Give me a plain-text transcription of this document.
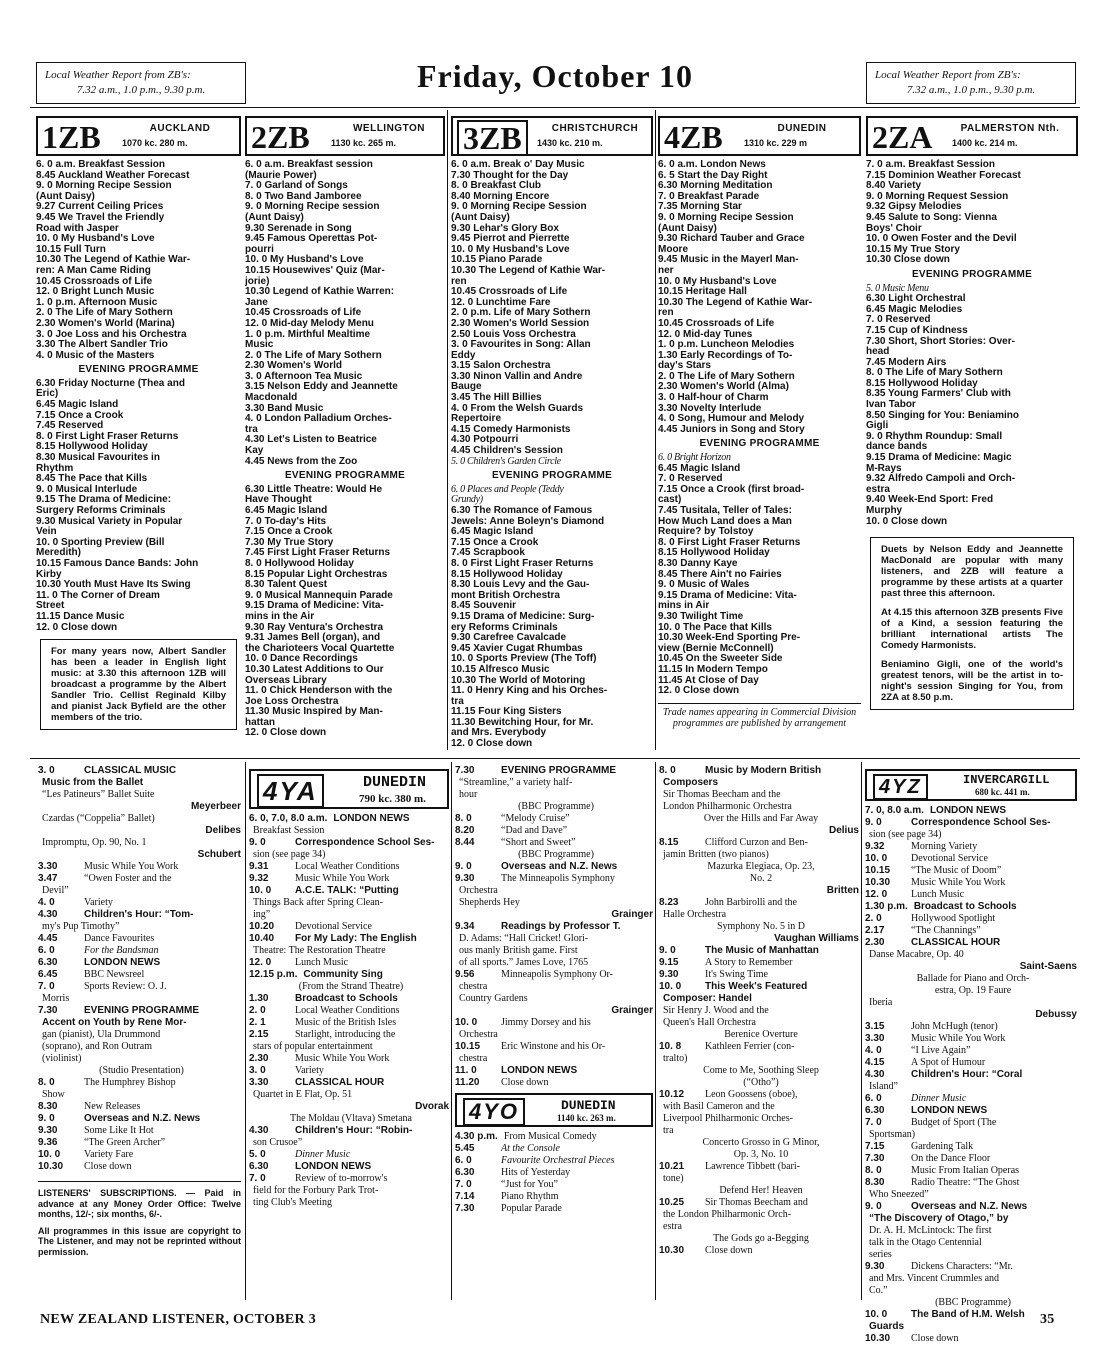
Local Weather Report from ZB's:
7.32 a.m., 1.0 p.m., 9.30 p.m.	Friday, October 10	Local Weather Report from ZB's:
7.32 a.m., 1.0 p.m., 9.30 p.m.
1ZB	AUCKLAND
1070 kc. 280 m.
6. 0 a.m. Breakfast Session
8.45 Auckland Weather Forecast
9. 0 Morning Recipe Session
(Aunt Daisy)
9.27 Current Ceiling Prices
9.45 We Travel the Friendly
Road with Jasper
10. 0 My Husband's Love
10.15 Full Turn
10.30 The Legend of Kathie War-
ren: A Man Came Riding
10.45 Crossroads of Life
12. 0 Bright Lunch Music
1. 0 p.m. Afternoon Music
2. 0 The Life of Mary Sothern
2.30 Women's World (Marina)
3. 0 Joe Loss and his Orchestra
3.30 The Albert Sandler Trio
4. 0 Music of the Masters
EVENING PROGRAMME
6.30 Friday Nocturne (Thea and
Eric)
6.45 Magic Island
7.15 Once a Crook
7.45 Reserved
8. 0 First Light Fraser Returns
8.15 Hollywood Holiday
8.30 Musical Favourites in
Rhythm
8.45 The Pace that Kills
9. 0 Musical Interlude
9.15 The Drama of Medicine:
Surgery Reforms Criminals
9.30 Musical Variety in Popular
Vein
10. 0 Sporting Preview (Bill
Meredith)
10.15 Famous Dance Bands: John
Kirby
10.30 Youth Must Have Its Swing
11. 0 The Corner of Dream
Street
11.15 Dance Music
12. 0 Close down
For many years now, Albert Sandler has been a leader in English light music: at 3.30 this afternoon 1ZB will broadcast a programme by the Albert Sandler Trio. Cellist Reginald Kilby and pianist Jack Byfield are the other members of the trio.
2ZB	WELLINGTON
1130 kc. 265 m.
6. 0 a.m. Breakfast session
(Maurie Power)
7. 0 Garland of Songs
8. 0 Two Band Jamboree
9. 0 Morning Recipe session
(Aunt Daisy)
9.30 Serenade in Song
9.45 Famous Operettas Pot-
pourri
10. 0 My Husband's Love
10.15 Housewives' Quiz (Mar-
jorie)
10.30 Legend of Kathie Warren:
Jane
10.45 Crossroads of Life
12. 0 Mid-day Melody Menu
1. 0 p.m. Mirthful Mealtime
Music
2. 0 The Life of Mary Sothern
2.30 Women's World
3. 0 Afternoon Tea Music
3.15 Nelson Eddy and Jeannette
Macdonald
3.30 Band Music
4. 0 London Palladium Orches-
tra
4.30 Let's Listen to Beatrice
Kay
4.45 News from the Zoo
EVENING PROGRAMME
6.30 Little Theatre: Would He
Have Thought
6.45 Magic Island
7. 0 To-day's Hits
7.15 Once a Crook
7.30 My True Story
7.45 First Light Fraser Returns
8. 0 Hollywood Holiday
8.15 Popular Light Orchestras
8.30 Talent Quest
9. 0 Musical Mannequin Parade
9.15 Drama of Medicine: Vita-
mins in the Air
9.30 Ray Ventura's Orchestra
9.31 James Bell (organ), and
the Charioteers Vocal Quartette
10. 0 Dance Recordings
10.30 Latest Additions to Our
Overseas Library
11. 0 Chick Henderson with the
Joe Loss Orchestra
11.30 Music Inspired by Man-
hattan
12. 0 Close down
3ZB	CHRISTCHURCH
1430 kc. 210 m.
6. 0 a.m. Break o' Day Music
7.30 Thought for the Day
8. 0 Breakfast Club
8.40 Morning Encore
9. 0 Morning Recipe Session
(Aunt Daisy)
9.30 Lehar's Glory Box
9.45 Pierrot and Pierrette
10. 0 My Husband's Love
10.15 Piano Parade
10.30 The Legend of Kathie War-
ren
10.45 Crossroads of Life
12. 0 Lunchtime Fare
2. 0 p.m. Life of Mary Sothern
2.30 Women's World Session
2.50 Louis Voss Orchestra
3. 0 Favourites in Song: Allan
Eddy
3.15 Salon Orchestra
3.30 Ninon Vallin and Andre
Bauge
3.45 The Hill Billies
4. 0 From the Welsh Guards
Repertoire
4.15 Comedy Harmonists
4.30 Potpourri
4.45 Children's Session
5. 0 Children's Garden Circle
EVENING PROGRAMME
6. 0 Places and People (Teddy
Grundy)
6.30 The Romance of Famous
Jewels: Anne Boleyn's Diamond
6.45 Magic Island
7.15 Once a Crook
7.45 Scrapbook
8. 0 First Light Fraser Returns
8.15 Hollywood Holiday
8.30 Louis Levy and the Gau-
mont British Orchestra
8.45 Souvenir
9.15 Drama of Medicine: Surg-
ery Reforms Criminals
9.30 Carefree Cavalcade
9.45 Xavier Cugat Rhumbas
10. 0 Sports Preview (The Toff)
10.15 Alfresco Music
10.30 The World of Motoring
11. 0 Henry King and his Orches-
tra
11.15 Four King Sisters
11.30 Bewitching Hour, for Mr.
and Mrs. Everybody
12. 0 Close down
4ZB	DUNEDIN
1310 kc. 229 m
6. 0 a.m. London News
6. 5 Start the Day Right
6.30 Morning Meditation
7. 0 Breakfast Parade
7.35 Morning Star
9. 0 Morning Recipe Session
(Aunt Daisy)
9.30 Richard Tauber and Grace
Moore
9.45 Music in the Mayerl Man-
ner
10. 0 My Husband's Love
10.15 Heritage Hall
10.30 The Legend of Kathie War-
ren
10.45 Crossroads of Life
12. 0 Mid-day Tunes
1. 0 p.m. Luncheon Melodies
1.30 Early Recordings of To-
day's Stars
2. 0 The Life of Mary Sothern
2.30 Women's World (Alma)
3. 0 Half-hour of Charm
3.30 Novelty Interlude
4. 0 Song, Humour and Melody
4.45 Juniors in Song and Story
EVENING PROGRAMME
6. 0 Bright Horizon
6.45 Magic Island
7. 0 Reserved
7.15 Once a Crook (first broad-
cast)
7.45 Tusitala, Teller of Tales:
How Much Land does a Man
Require? by Tolstoy
8. 0 First Light Fraser Returns
8.15 Hollywood Holiday
8.30 Danny Kaye
8.45 There Ain't no Fairies
9. 0 Music of Wales
9.15 Drama of Medicine: Vita-
mins in Air
9.30 Twilight Time
10. 0 The Pace that Kills
10.30 Week-End Sporting Pre-
view (Bernie McConnell)
10.45 On the Sweeter Side
11.15 In Modern Tempo
11.45 At Close of Day
12. 0 Close down
Trade names appearing in Commercial Division programmes are published by arrangement
2ZA	PALMERSTON Nth.
1400 kc. 214 m.
7. 0 a.m. Breakfast Session
7.15 Dominion Weather Forecast
8.40 Variety
9. 0 Morning Request Session
9.32 Gipsy Melodies
9.45 Salute to Song: Vienna
Boys' Choir
10. 0 Owen Foster and the Devil
10.15 My True Story
10.30 Close down
EVENING PROGRAMME
5. 0 Music Menu
6.30 Light Orchestral
6.45 Magic Melodies
7. 0 Reserved
7.15 Cup of Kindness
7.30 Short, Short Stories: Over-
head
7.45 Modern Airs
8. 0 The Life of Mary Sothern
8.15 Hollywood Holiday
8.35 Young Farmers' Club with
Ivan Tabor
8.50 Singing for You: Beniamino
Gigli
9. 0 Rhythm Roundup: Small
dance bands
9.15 Drama of Medicine: Magic
M-Rays
9.32 Alfredo Campoli and Orch-
estra
9.40 Week-End Sport: Fred
Murphy
10. 0 Close down
Duets by Nelson Eddy and Jeannette MacDonald are popular with many listeners, and 2ZB will feature a programme by these artists at a quarter past three this afternoon.
At 4.15 this afternoon 3ZB presents Five of a Kind, a session featuring the brilliant international artists The Comedy Harmonists.
Beniamino Gigli, one of the world's greatest tenors, will be the artist in to-night's session Singing for You, from 2ZA at 8.50 p.m.
3. 0	CLASSICAL MUSIC
Music from the Ballet
“Les Patineurs” Ballet Suite
Meyerbeer
Czardas (“Coppelia” Ballet)
Delibes
Impromptu, Op. 90, No. 1
Schubert
3.30	Music While You Work
3.47	“Owen Foster and the
Devil”
4. 0	Variety
4.30	Children's Hour: “Tom-
my's Pup Timothy”
4.45	Dance Favourites
6. 0	For the Bandsman
6.30	LONDON NEWS
6.45	BBC Newsreel
7. 0	Sports Review: O. J.
Morris
7.30	EVENING PROGRAMME
Accent on Youth by Rene Mor-
gan (pianist), Ula Drummond
(soprano), and Ron Outram
(violinist)
(Studio Presentation)
8. 0	The Humphrey Bishop
Show
8.30	New Releases
9. 0	Overseas and N.Z. News
9.30	Some Like It Hot
9.36	“The Green Archer”
10. 0	Variety Fare
10.30	Close down
LISTENERS' SUBSCRIPTIONS. — Paid in advance at any Money Order Office: Twelve months, 12/-; six months, 6/-.
All programmes in this issue are copyright to The Listener, and may not be reprinted without permission.
4YA	DUNEDIN
790 kc. 380 m.
6. 0, 7.0, 8.0 a.m. LONDON NEWS
Breakfast Session
9. 0	Correspondence School Ses-
sion (see page 34)
9.31	Local Weather Conditions
9.32	Music While You Work
10. 0	A.C.E. TALK: “Putting
Things Back after Spring Clean-
ing”
10.20	Devotional Service
10.40	For My Lady: The English
Theatre: The Restoration Theatre
12. 0	Lunch Music
12.15 p.m. Community Sing
(From the Strand Theatre)
1.30	Broadcast to Schools
2. 0	Local Weather Conditions
2. 1	Music of the British Isles
2.15	Starlight, introducing the
stars of popular entertainment
2.30	Music While You Work
3. 0	Variety
3.30	CLASSICAL HOUR
Quartet in E Flat, Op. 51
Dvorak
The Moldau (Vltava) Smetana
4.30	Children's Hour: “Robin-
son Crusoe”
5. 0	Dinner Music
6.30	LONDON NEWS
7. 0	Review of to-morrow's
field for the Forbury Park Trot-
ting Club's Meeting
7.30	EVENING PROGRAMME
“Streamline,” a variety half-
hour
(BBC Programme)
8. 0	“Melody Cruise”
8.20	“Dad and Dave”
8.44	“Short and Sweet”
(BBC Programme)
9. 0	Overseas and N.Z. News
9.30	The Minneapolis Symphony
Orchestra
Shepherds Hey
Grainger
9.34	Readings by Professor T.
D. Adams: “Hall Cricket! Glori-
ous manly British game. First
of all sports.” James Love, 1765
9.56	Minneapolis Symphony Or-
chestra
Country Gardens
Grainger
10. 0	Jimmy Dorsey and his
Orchestra
10.15	Eric Winstone and his Or-
chestra
11. 0	LONDON NEWS
11.20	Close down
4YO	DUNEDIN
1140 kc. 263 m.
4.30 p.m. From Musical Comedy
5.45	At the Console
6. 0	Favourite Orchestral Pieces
6.30	Hits of Yesterday
7. 0	“Just for You”
7.14	Piano Rhythm
7.30	Popular Parade
8. 0	Music by Modern British
Composers
Sir Thomas Beecham and the
London Philharmonic Orchestra
Over the Hills and Far Away
Delius
8.15	Clifford Curzon and Ben-
jamin Britten (two pianos)
Mazurka Elegiaca, Op. 23,
No. 2
Britten
8.23	John Barbirolli and the
Halle Orchestra
Symphony No. 5 in D
Vaughan Williams
9. 0	The Music of Manhattan
9.15	A Story to Remember
9.30	It's Swing Time
10. 0	This Week's Featured
Composer: Handel
Sir Henry J. Wood and the
Queen's Hall Orchestra
Berenice Overture
10. 8	Kathleen Ferrier (con-
tralto)
Come to Me, Soothing Sleep
(“Otho”)
10.12	Leon Goossens (oboe),
with Basil Cameron and the
Liverpool Philharmonic Orches-
tra
Concerto Grosso in G Minor,
Op. 3, No. 10
10.21	Lawrence Tibbett (bari-
tone)
Defend Her! Heaven
10.25	Sir Thomas Beecham and
the London Philharmonic Orch-
estra
The Gods go a-Begging
10.30	Close down
4YZ	INVERCARGILL
680 kc. 441 m.
7. 0, 8.0 a.m. LONDON NEWS
9. 0	Correspondence School Ses-
sion (see page 34)
9.32	Morning Variety
10. 0	Devotional Service
10.15	“The Music of Doom”
10.30	Music While You Work
12. 0	Lunch Music
1.30 p.m. Broadcast to Schools
2. 0	Hollywood Spotlight
2.17	“The Channings”
2.30	CLASSICAL HOUR
Danse Macabre, Op. 40
Saint-Saens
Ballade for Piano and Orch-
estra, Op. 19 Faure
Iberia
Debussy
3.15	John McHugh (tenor)
3.30	Music While You Work
4. 0	“I Live Again”
4.15	A Spot of Humour
4.30	Children's Hour: “Coral
Island”
6. 0	Dinner Music
6.30	LONDON NEWS
7. 0	Budget of Sport (The
Sportsman)
7.15	Gardening Talk
7.30	On the Dance Floor
8. 0	Music From Italian Operas
8.30	Radio Theatre: “The Ghost
Who Sneezed”
9. 0	Overseas and N.Z. News
“The Discovery of Otago,” by
Dr. A. H. McLintock: The first
talk in the Otago Centennial
series
9.30	Dickens Characters: “Mr.
and Mrs. Vincent Crummles and
Co.”
(BBC Programme)
10. 0	The Band of H.M. Welsh
Guards
10.30	Close down
NEW ZEALAND LISTENER, OCTOBER 3	35
